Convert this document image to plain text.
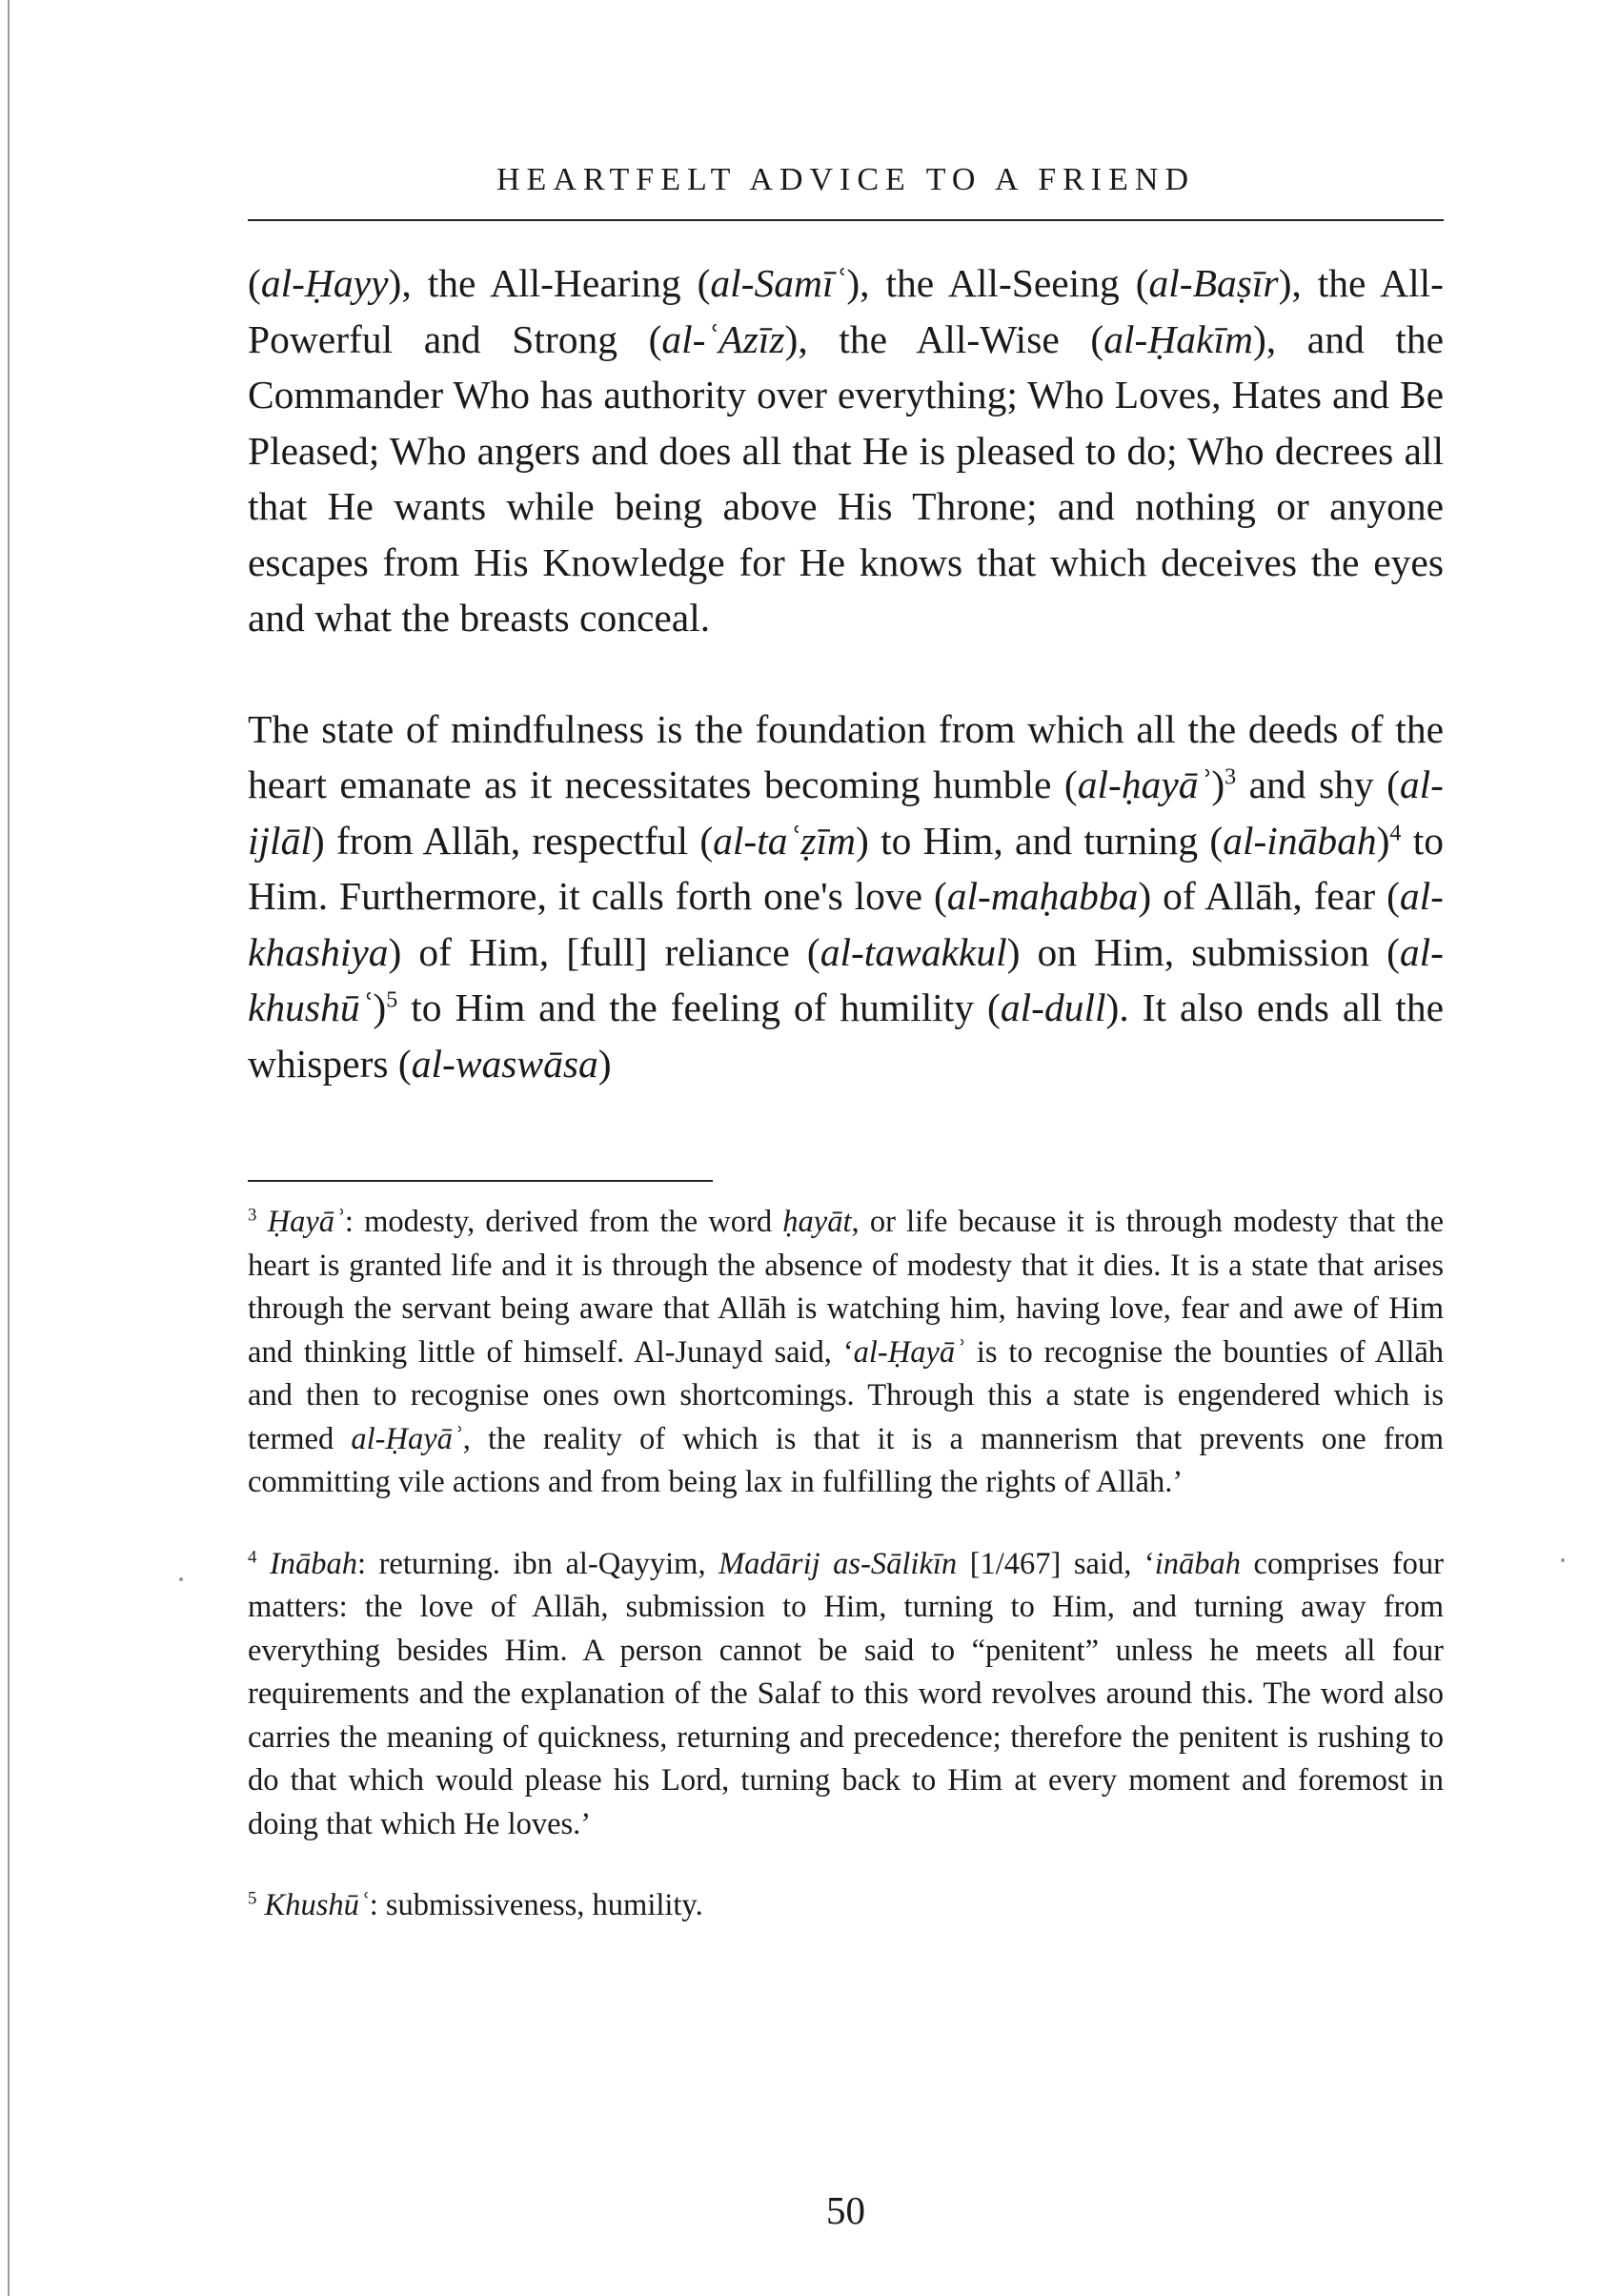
HEARTFELT ADVICE TO A FRIEND

(al-Ḥayy), the All-Hearing (al-Samīʿ), the All-Seeing (al-Baṣīr), the All-Powerful and Strong (al-ʿAzīz), the All-Wise (al-Ḥakīm), and the Commander Who has authority over everything; Who Loves, Hates and Be Pleased; Who angers and does all that He is pleased to do; Who decrees all that He wants while being above His Throne; and nothing or anyone escapes from His Knowledge for He knows that which deceives the eyes and what the breasts conceal.

The state of mindfulness is the foundation from which all the deeds of the heart emanate as it necessitates becoming humble (al-ḥayāʾ)$^3$ and shy (al-ijlāl) from Allāh, respectful (al-taʿẓīm) to Him, and turning (al-inābah)$^4$ to Him. Furthermore, it calls forth one's love (al-maḥabba) of Allāh, fear (al-khashiya) of Him, [full] reliance (al-tawakkul) on Him, submission (al-khushūʿ)$^5$ to Him and the feeling of humility (al-dull). It also ends all the whispers (al-waswāsa)

$^3$ Ḥayāʾ: modesty, derived from the word ḥayāt, or life because it is through modesty that the heart is granted life and it is through the absence of modesty that it dies. It is a state that arises through the servant being aware that Allāh is watching him, having love, fear and awe of Him and thinking little of himself. Al-Junayd said, ‘al-Ḥayāʾ is to recognise the bounties of Allāh and then to recognise ones own shortcomings. Through this a state is engendered which is termed al-Ḥayāʾ, the reality of which is that it is a mannerism that prevents one from committing vile actions and from being lax in fulfilling the rights of Allāh.’

$^4$ Inābah: returning. ibn al-Qayyim, Madārij as-Sālikīn [1/467] said, ‘inābah comprises four matters: the love of Allāh, submission to Him, turning to Him, and turning away from everything besides Him. A person cannot be said to “penitent” unless he meets all four requirements and the explanation of the Salaf to this word revolves around this. The word also carries the meaning of quickness, returning and precedence; therefore the penitent is rushing to do that which would please his Lord, turning back to Him at every moment and foremost in doing that which He loves.’

$^5$ Khushūʿ: submissiveness, humility.

50
